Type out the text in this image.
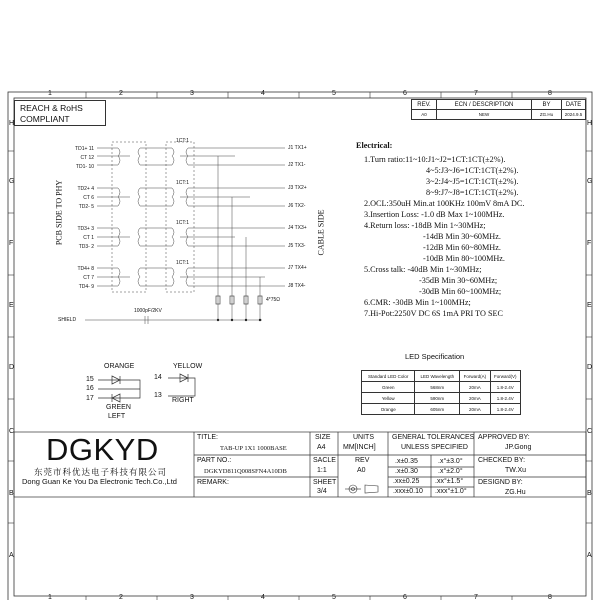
1	2	3	4	5	6	7	8
1	2	3	4	5	6	7	8
H
G
F
E
D
C
B
A
H
G
F
E
D
C
B
A
REACH & RoHS
COMPLIANT
REV.	ECN / DESCRIPTION	BY	DATE
A0	NEW	ZG.Hu	2024.9.5
TD1+ 11
CT 12
TD1- 10
TD2+ 4
CT 6
TD2- 5
TD3+ 3
CT 1
TD3- 2
TD4+ 8
CT 7
TD4- 9
1CT:1
1CT:1
1CT:1
1CT:1
J1 TX1+
J2 TX1-
J3 TX2+
J6 TX2-
J4 TX3+
J5 TX3-
J7 TX4+
J8 TX4-
PCB SIDE TO PHY	CABLE SIDE
SHIELD
1000pF/2KV
4*75Ω
Electrical:
1.Turn ratio:11~10:J1~J2=1CT:1CT(±2%).
4~5:J3~J6=1CT:1CT(±2%).
3~2:J4~J5=1CT:1CT(±2%).
8~9:J7~J8=1CT:1CT(±2%).
2.OCL:350uH Min.at 100KHz 100mV 8mA DC.
3.Insertion Loss: -1.0 dB Max 1~100MHz.
4.Return loss: -18dB Min 1~30MHz;
-14dB Min 30~60MHz.
-12dB Min 60~80MHz.
-10dB Min 80~100MHz.
5.Cross talk: -40dB Min 1~30MHz;
-35dB Min 30~60MHz;
-30dB Min 60~100MHz;
6.CMR: -30dB Min 1~100MHz;
7.Hi-Pot:2250V DC 6S 1mA PRI TO SEC
ORANGE
15
16
17
GREEN
LEFT
YELLOW
14
13
RIGHT
LED Specification
Standard LED Color	LED Wavelength	Forward(A)	Forward(V)
Green	568nm	20mA	1.8-2.4V
Yellow	590nm	20mA	1.8-2.4V
Orange	605nm	20mA	1.8-2.4V
DGKYD
东莞市科优达电子科技有限公司
Dong Guan Ke You Da Electronic Tech.Co.,Ltd
TITLE:
TAB-UP 1X1 1000BASE
PART NO.:
DGKYD811Q008SFN4A10DB
REMARK:
SIZE
A4
SACLE
1:1
SHEET
3/4
UNITS
MM[INCH]
REV
A0
GENERAL TOLERANCES
UNLESS SPECIFIED
.x±0.35	.x°±3.0°
.x±0.30	.x°±2.0°
.xx±0.25 .xx°±1.5°
.xxx±0.10 .xxx°±1.0°
APPROVED BY:
JP.Gong
CHECKED BY:
TW.Xu
DESIGND BY:
ZG.Hu
